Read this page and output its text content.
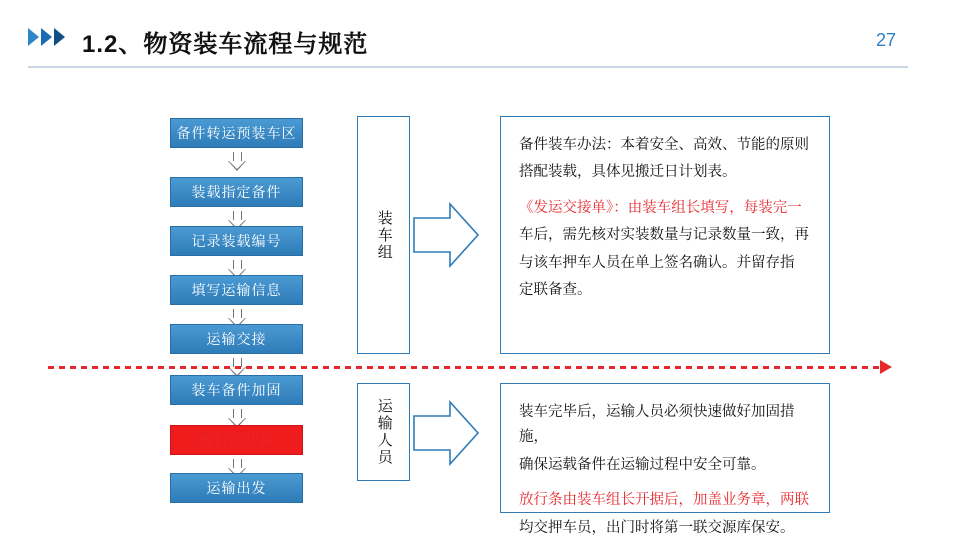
1.2、物资装车流程与规范	27
备件转运预装车区
装载指定备件
记录装载编号
填写运输信息
运输交接
装车备件加固
放行条开具
运输出发
装车组
运输人员

备件装车办法：本着安全、高效、节能的原则

搭配装载，具体见搬迁日计划表。

《发运交接单》：由装车组长填写，每装完一

车后，需先核对实装数量与记录数量一致，再

与该车押车人员在单上签名确认。并留存指

定联备查。

装车完毕后，运输人员必须快速做好加固措施，

确保运载备件在运输过程中安全可靠。

放行条由装车组长开据后，加盖业务章，两联

均交押车员，出门时将第一联交源库保安。
